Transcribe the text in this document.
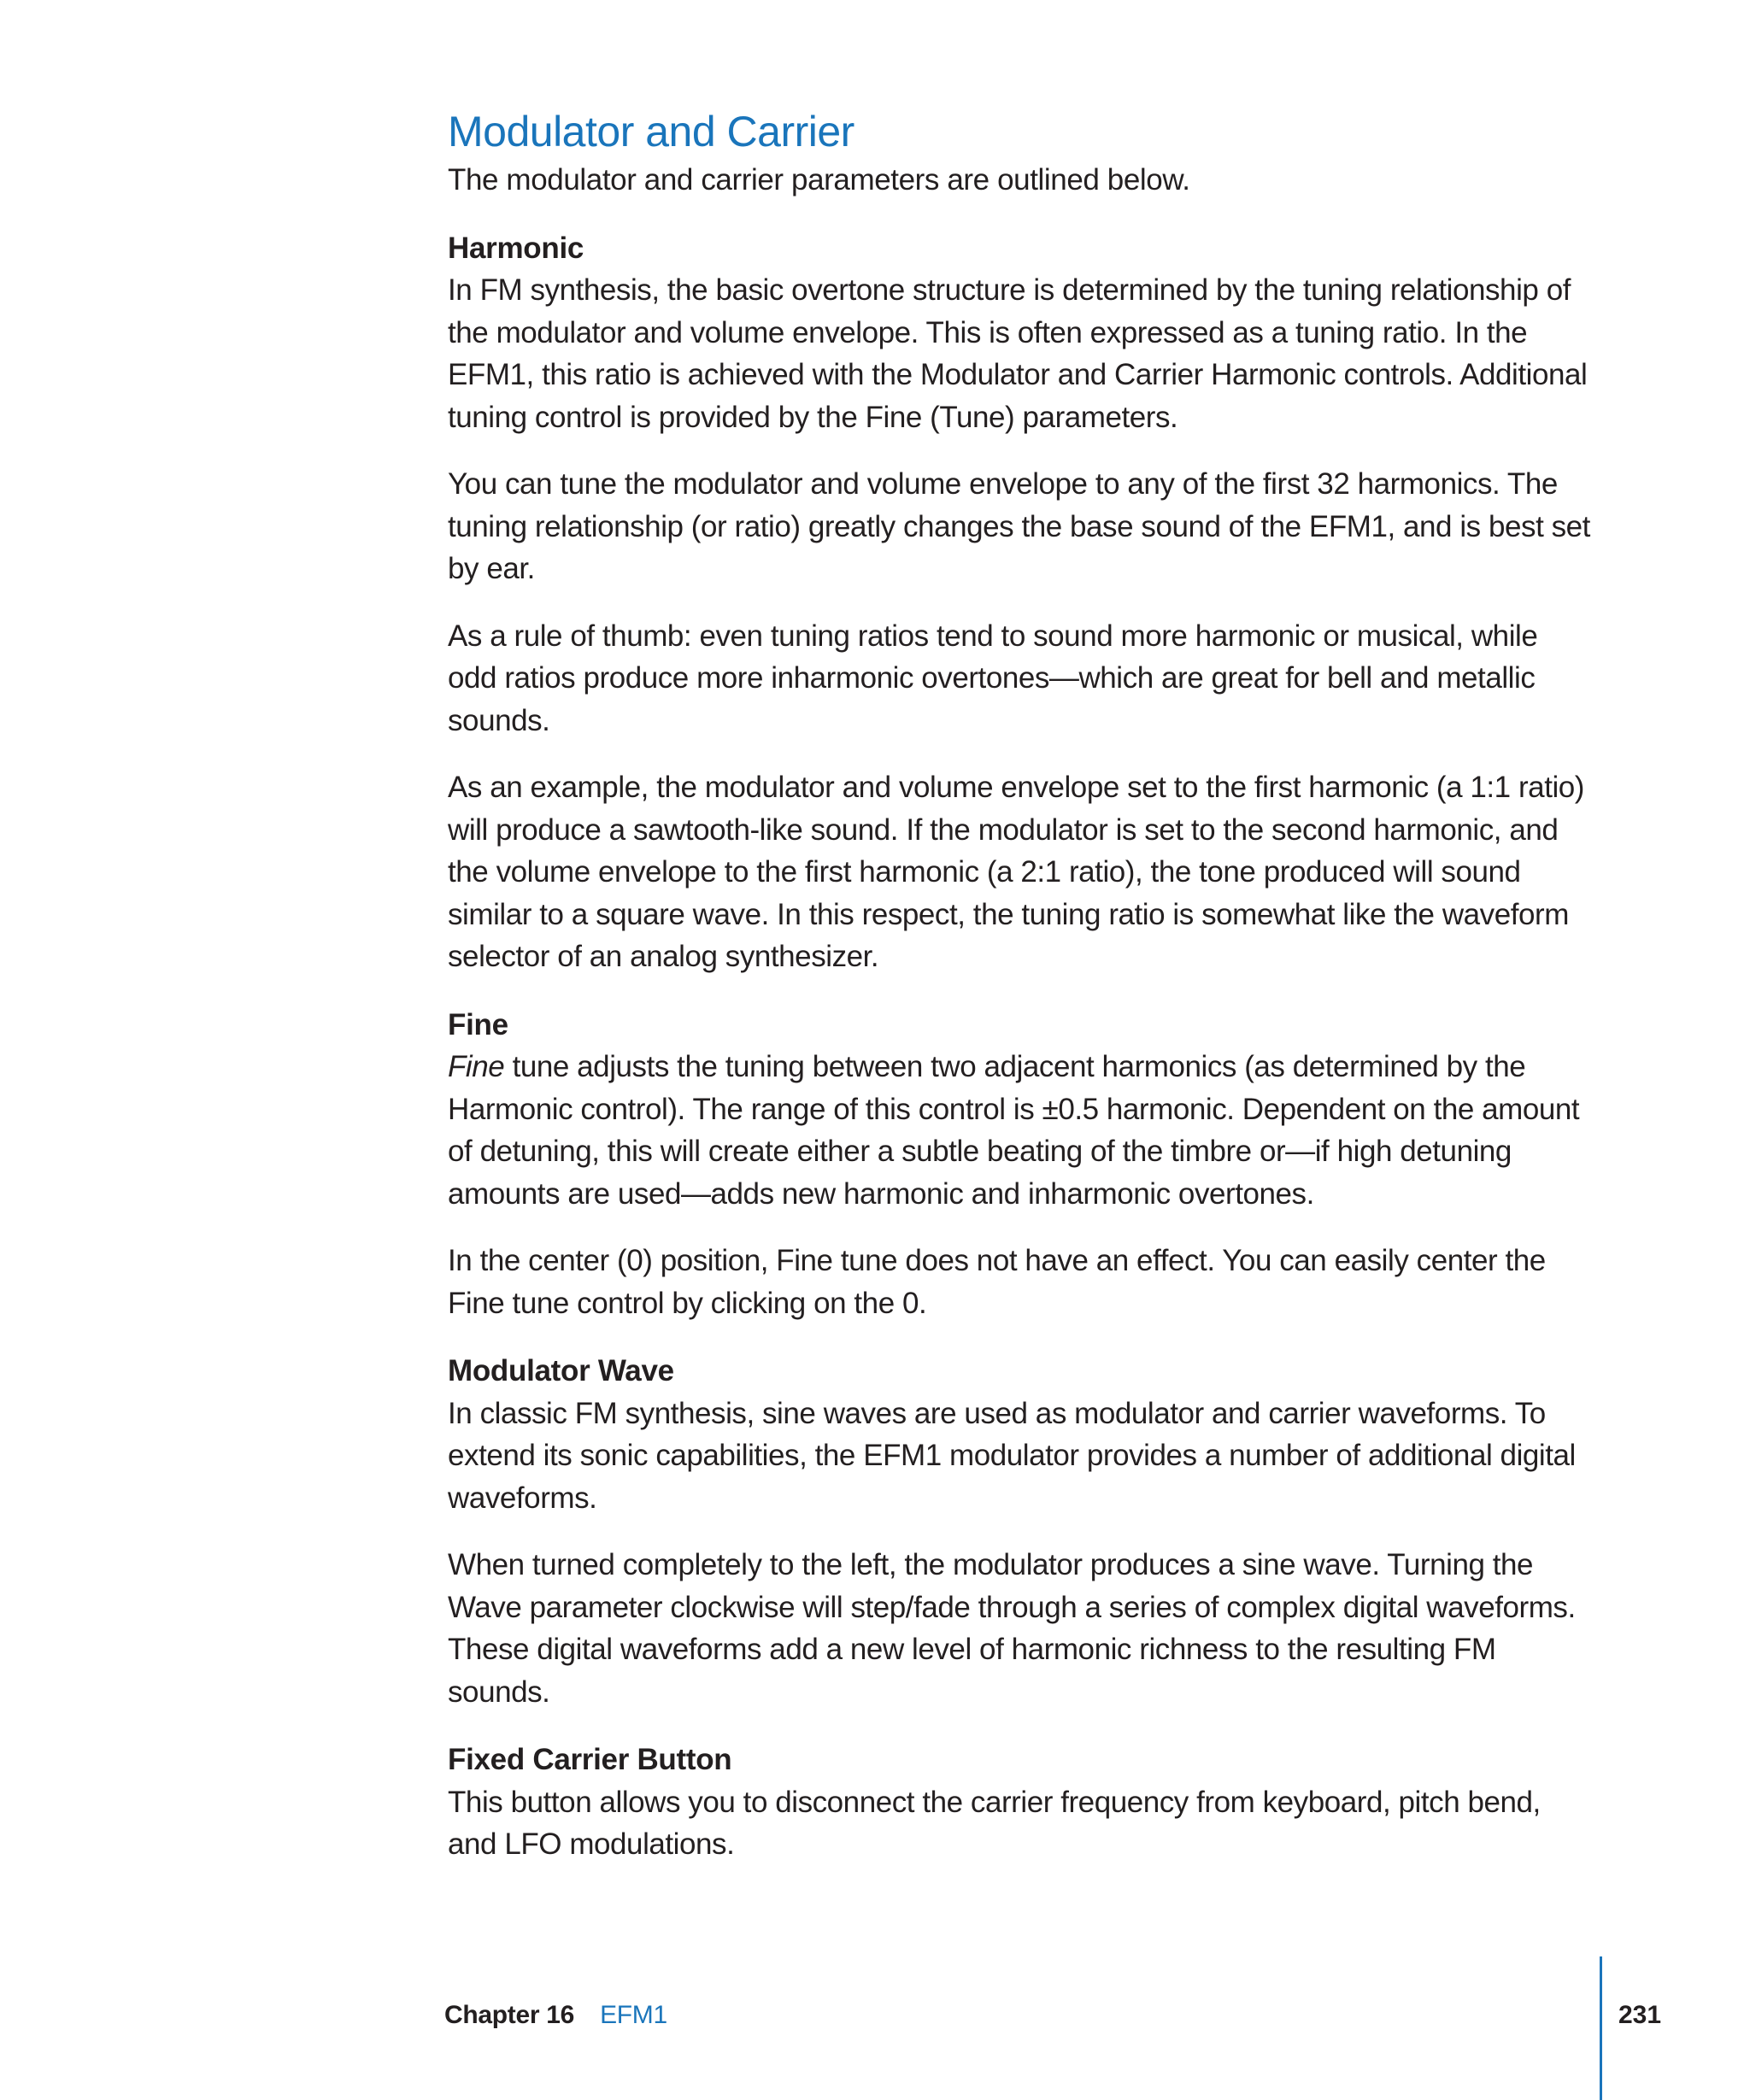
Modulator and Carrier

The modulator and carrier parameters are outlined below.

Harmonic

In FM synthesis, the basic overtone structure is determined by the tuning relationship of the modulator and volume envelope. This is often expressed as a tuning ratio. In the EFM1, this ratio is achieved with the Modulator and Carrier Harmonic controls. Additional tuning control is provided by the Fine (Tune) parameters.

You can tune the modulator and volume envelope to any of the first 32 harmonics. The tuning relationship (or ratio) greatly changes the base sound of the EFM1, and is best set by ear.

As a rule of thumb: even tuning ratios tend to sound more harmonic or musical, while odd ratios produce more inharmonic overtones—which are great for bell and metallic sounds.

As an example, the modulator and volume envelope set to the first harmonic (a 1:1 ratio) will produce a sawtooth-like sound. If the modulator is set to the second harmonic, and the volume envelope to the first harmonic (a 2:1 ratio), the tone produced will sound similar to a square wave. In this respect, the tuning ratio is somewhat like the waveform selector of an analog synthesizer.

Fine

Fine tune adjusts the tuning between two adjacent harmonics (as determined by the Harmonic control). The range of this control is ±0.5 harmonic. Dependent on the amount of detuning, this will create either a subtle beating of the timbre or—if high detuning amounts are used—adds new harmonic and inharmonic overtones.

In the center (0) position, Fine tune does not have an effect. You can easily center the Fine tune control by clicking on the 0.

Modulator Wave

In classic FM synthesis, sine waves are used as modulator and carrier waveforms. To extend its sonic capabilities, the EFM1 modulator provides a number of additional digital waveforms.

When turned completely to the left, the modulator produces a sine wave. Turning the Wave parameter clockwise will step/fade through a series of complex digital waveforms. These digital waveforms add a new level of harmonic richness to the resulting FM sounds.

Fixed Carrier Button

This button allows you to disconnect the carrier frequency from keyboard, pitch bend, and LFO modulations.

Chapter 16 EFM1	231
